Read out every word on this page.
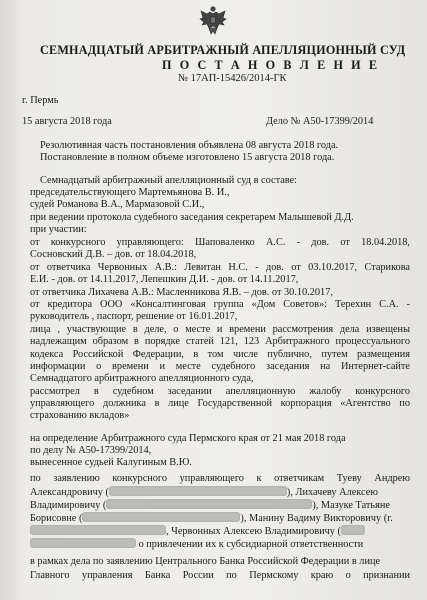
СЕМНАДЦАТЫЙ АРБИТРАЖНЫЙ АПЕЛЛЯЦИОННЫЙ СУД
П О С Т А Н О В Л Е Н И Е
№ 17АП-15426/2014-ГК
г. Пермь
15 августа 2018 года	Дело № А50-17399/2014
Резолютивная часть постановления объявлена 08 августа 2018 года.
Постановление в полном объеме изготовлено 15 августа 2018 года.
Семнадцатый арбитражный апелляционный суд в составе:
председательствующего Мартемьянова В. И.,
судей Романова В.А., Мармазовой С.И.,
при ведении протокола судебного заседания секретарем Малышевой Д.Д.
при участии:
от конкурсного управляющего: Шаповаленко А.С. - дов. от 18.04.2018,
Сосновский Д.В. – дов. от 18.04.2018,
от ответчика Червонных А.В.: Левитан Н.С. - дов. от 03.10.2017, Старикова
Е.И. - дов. от 14.11.2017, Лепешкин Д.И. - дов. от 14.11.2017,
от ответчика Лихачева А.В.: Масленникова Я.В. – дов. от 30.10.2017,
от кредитора ООО «Консалтинговая группа «Дом Советов»: Терехин С.А. -
руководитель , паспорт, решение от 16.01.2017,
лица , участвующие в деле, о месте и времени рассмотрения дела извещены
надлежащим образом в порядке статей 121, 123 Арбитражного процессуального
кодекса Российской Федерации, в том числе публично, путем размещения
информации о времени и месте судебного заседания на Интернет-сайте
Семнадцатого арбитражного апелляционного суда,
рассмотрел в судебном заседании апелляционную жалобу конкурсного
управляющего должника в лице Государственной корпорация «Агентство по
страхованию вкладов»
на определение Арбитражного суда Пермского края от 21 мая 2018 года
по делу № А50-17399/2014,
вынесенное судьей Калугиным В.Ю.
по заявлению конкурсного управляющего к ответчикам Туеву Андрею
Александровичу (	), Лихачеву Алексею
Владимировичу (	), Мазуке Татьяне
Борисовне (	), Манину Вадиму Викторовичу (г.
, Червонных Алексею Владимировичу (
о привлечении их к субсидиарной ответственности
в рамках дела по заявлению Центрального Банка Российской Федерации в лице
Главного управления Банка России по Пермскому краю о признании
